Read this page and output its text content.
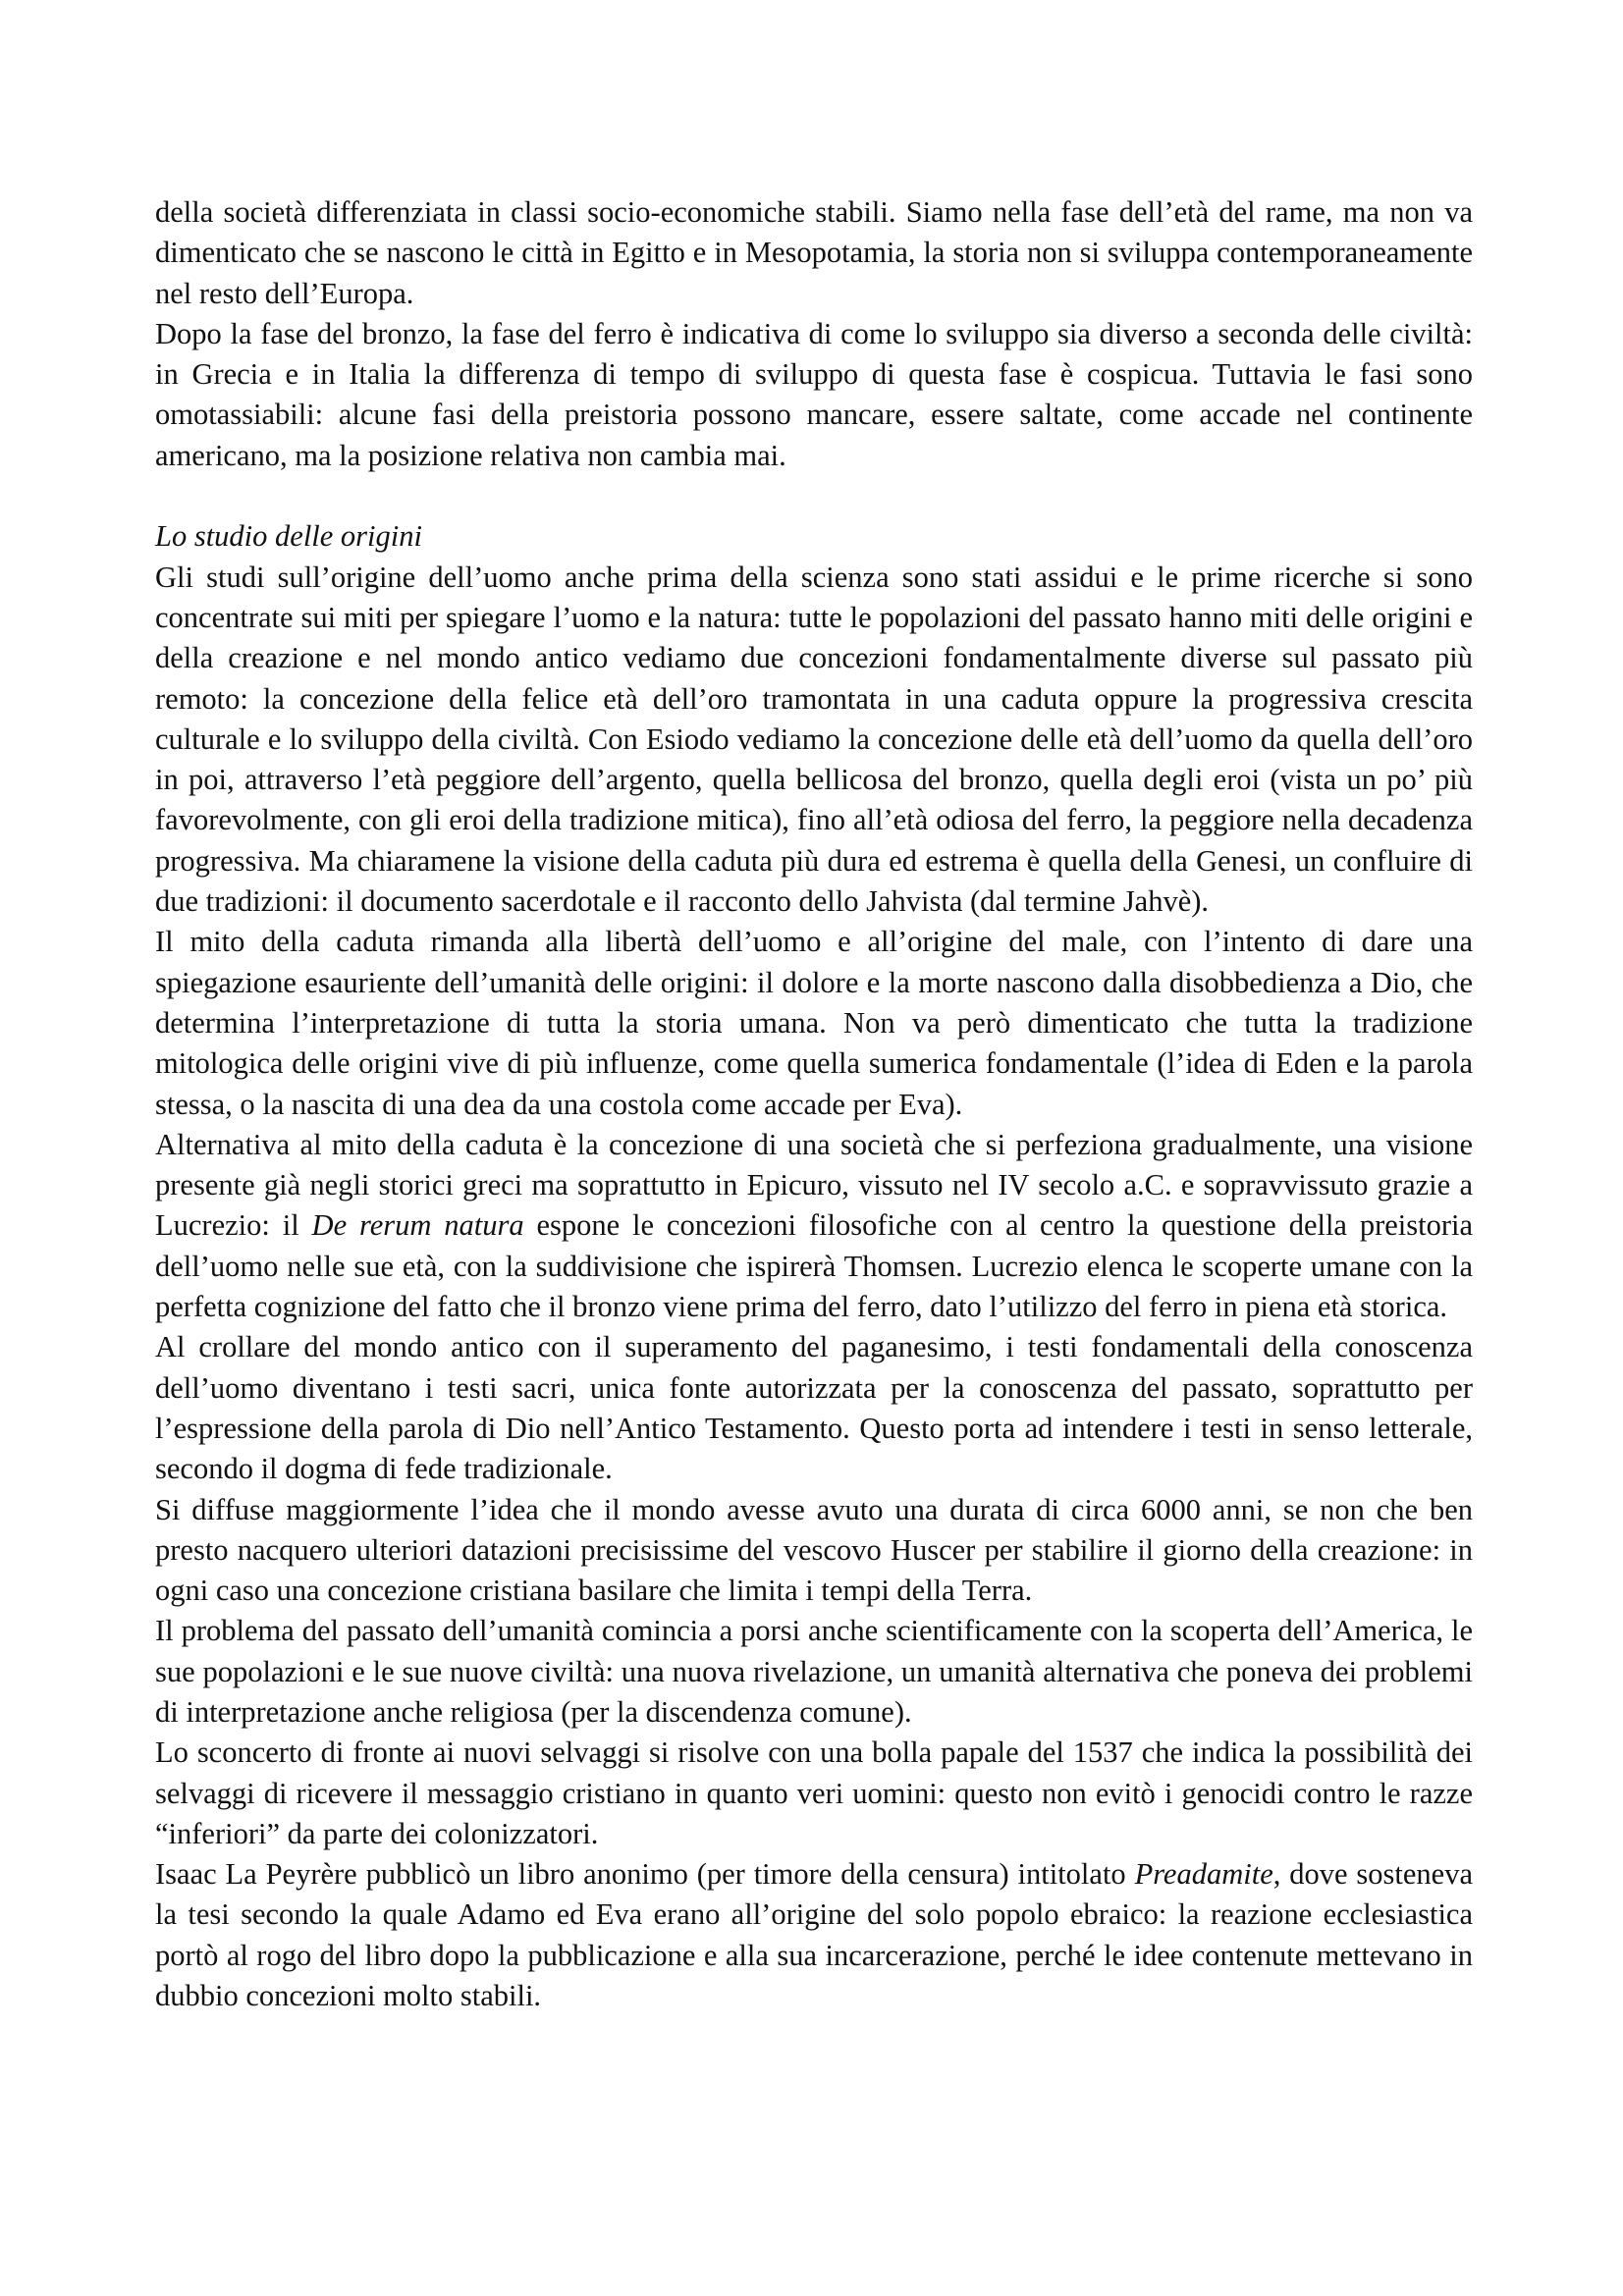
della società differenziata in classi socio-economiche stabili. Siamo nella fase dell’età del rame, ma non va dimenticato che se nascono le città in Egitto e in Mesopotamia, la storia non si sviluppa contemporaneamente nel resto dell’Europa.

Dopo la fase del bronzo, la fase del ferro è indicativa di come lo sviluppo sia diverso a seconda delle civiltà: in Grecia e in Italia la differenza di tempo di sviluppo di questa fase è cospicua. Tuttavia le fasi sono omotassiabili: alcune fasi della preistoria possono mancare, essere saltate, come accade nel continente americano, ma la posizione relativa non cambia mai.

Lo studio delle origini

Gli studi sull’origine dell’uomo anche prima della scienza sono stati assidui e le prime ricerche si sono concentrate sui miti per spiegare l’uomo e la natura: tutte le popolazioni del passato hanno miti delle origini e della creazione e nel mondo antico vediamo due concezioni fondamentalmente diverse sul passato più remoto: la concezione della felice età dell’oro tramontata in una caduta oppure la progressiva crescita culturale e lo sviluppo della civiltà. Con Esiodo vediamo la concezione delle età dell’uomo da quella dell’oro in poi, attraverso l’età peggiore dell’argento, quella bellicosa del bronzo, quella degli eroi (vista un po’ più favorevolmente, con gli eroi della tradizione mitica), fino all’età odiosa del ferro, la peggiore nella decadenza progressiva. Ma chiaramene la visione della caduta più dura ed estrema è quella della Genesi, un confluire di due tradizioni: il documento sacerdotale e il racconto dello Jahvista (dal termine Jahvè).

Il mito della caduta rimanda alla libertà dell’uomo e all’origine del male, con l’intento di dare una spiegazione esauriente dell’umanità delle origini: il dolore e la morte nascono dalla disobbedienza a Dio, che determina l’interpretazione di tutta la storia umana. Non va però dimenticato che tutta la tradizione mitologica delle origini vive di più influenze, come quella sumerica fondamentale (l’idea di Eden e la parola stessa, o la nascita di una dea da una costola come accade per Eva).

Alternativa al mito della caduta è la concezione di una società che si perfeziona gradualmente, una visione presente già negli storici greci ma soprattutto in Epicuro, vissuto nel IV secolo a.C. e sopravvissuto grazie a Lucrezio: il De rerum natura espone le concezioni filosofiche con al centro la questione della preistoria dell’uomo nelle sue età, con la suddivisione che ispirerà Thomsen. Lucrezio elenca le scoperte umane con la perfetta cognizione del fatto che il bronzo viene prima del ferro, dato l’utilizzo del ferro in piena età storica.

Al crollare del mondo antico con il superamento del paganesimo, i testi fondamentali della conoscenza dell’uomo diventano i testi sacri, unica fonte autorizzata per la conoscenza del passato, soprattutto per l’espressione della parola di Dio nell’Antico Testamento. Questo porta ad intendere i testi in senso letterale, secondo il dogma di fede tradizionale.

Si diffuse maggiormente l’idea che il mondo avesse avuto una durata di circa 6000 anni, se non che ben presto nacquero ulteriori datazioni precisissime del vescovo Huscer per stabilire il giorno della creazione: in ogni caso una concezione cristiana basilare che limita i tempi della Terra.

Il problema del passato dell’umanità comincia a porsi anche scientificamente con la scoperta dell’America, le sue popolazioni e le sue nuove civiltà: una nuova rivelazione, un umanità alternativa che poneva dei problemi di interpretazione anche religiosa (per la discendenza comune).

Lo sconcerto di fronte ai nuovi selvaggi si risolve con una bolla papale del 1537 che indica la possibilità dei selvaggi di ricevere il messaggio cristiano in quanto veri uomini: questo non evitò i genocidi contro le razze “inferiori” da parte dei colonizzatori.

Isaac La Peyrère pubblicò un libro anonimo (per timore della censura) intitolato Preadamite, dove sosteneva la tesi secondo la quale Adamo ed Eva erano all’origine del solo popolo ebraico: la reazione ecclesiastica portò al rogo del libro dopo la pubblicazione e alla sua incarcerazione, perché le idee contenute mettevano in dubbio concezioni molto stabili.
